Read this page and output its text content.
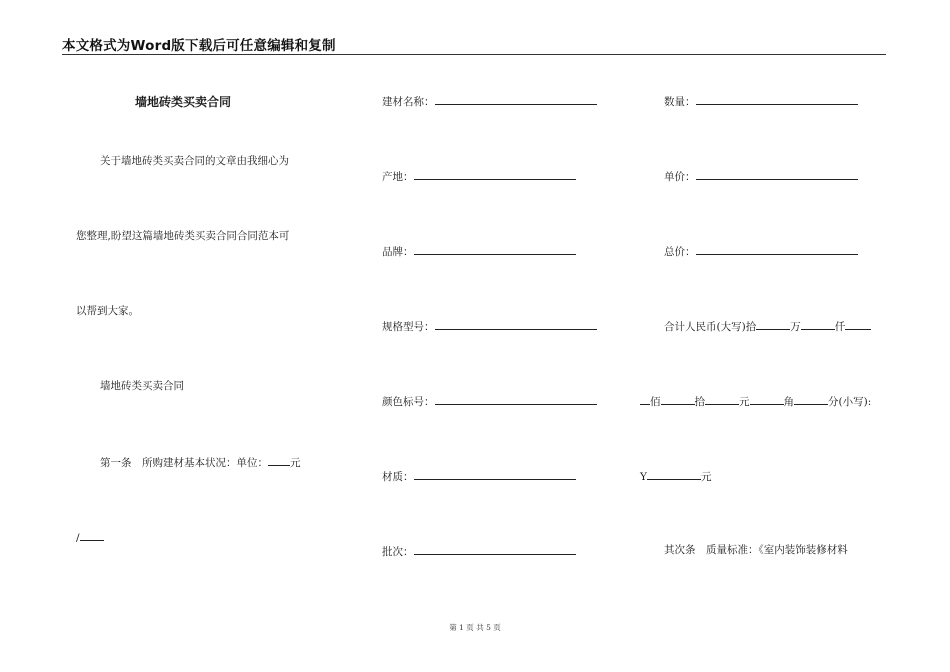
本文格式为Word版下载后可任意编辑和复制
墙地砖类买卖合同
关于墙地砖类买卖合同的文章由我细心为
您整理,盼望这篇墙地砖类买卖合同合同范本可
以帮到大家。
墙地砖类买卖合同
第一条　所购建材基本状况：单位： 元
/
建材名称：
产地：
品牌：
规格型号：
颜色标号：
材质：
批次：
数量：
单价：
总价：
合计人民币(大写)拾	万	仟
佰	拾	元	角	分(小写):
Y	元
其次条　质量标准：《室内装饰装修材料
第 1 页 共 5 页
